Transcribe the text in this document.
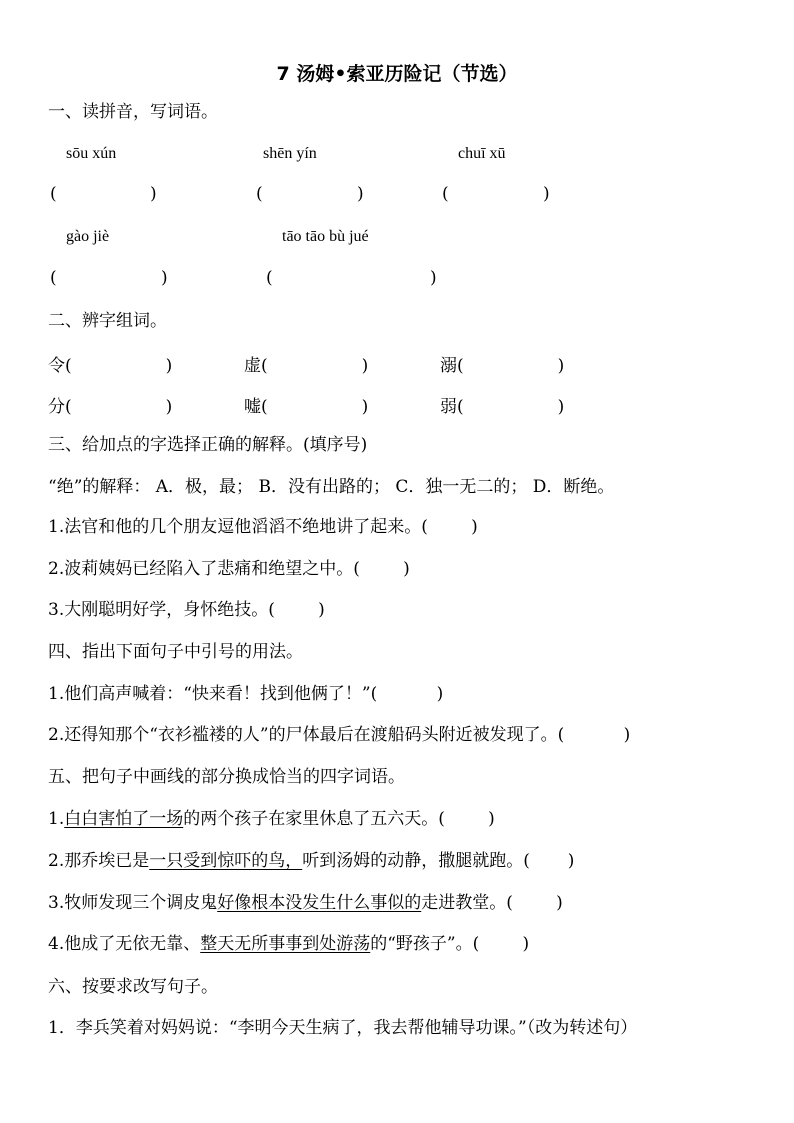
7 汤姆•索亚历险记（节选）
一、读拼音，写词语。
sōu xún	shēn yín	chuī xū
(	)	(	)	(	)
gào jiè	tāo tāo bù jué
(	)	(	)
二、辨字组词。
令(	)	虚(	)	溺(	)
分(	)	嘘(	)	弱(	)
三、给加点的字选择正确的解释。(填序号)
“绝”的解释： A．极，最； B．没有出路的； C．独一无二的； D．断绝。
1.法官和他的几个朋友逗他滔滔不绝地讲了起来。(        )
2.波莉姨妈已经陷入了悲痛和绝望之中。(        )
3.大刚聪明好学，身怀绝技。(        )
四、指出下面句子中引号的用法。
1.他们高声喊着：“快来看！找到他俩了！”(           )
2.还得知那个“衣衫褴褛的人”的尸体最后在渡船码头附近被发现了。(           )
五、把句子中画线的部分换成恰当的四字词语。
1.白白害怕了一场的两个孩子在家里休息了五六天。(        )
2.那乔埃已是一只受到惊吓的鸟，听到汤姆的动静，撒腿就跑。(       )
3.牧师发现三个调皮鬼好像根本没发生什么事似的走进教堂。(        )
4.他成了无依无靠、整天无所事事到处游荡的“野孩子”。(        )
六、按要求改写句子。
1．李兵笑着对妈妈说：“李明今天生病了，我去帮他辅导功课。”（改为转述句）
